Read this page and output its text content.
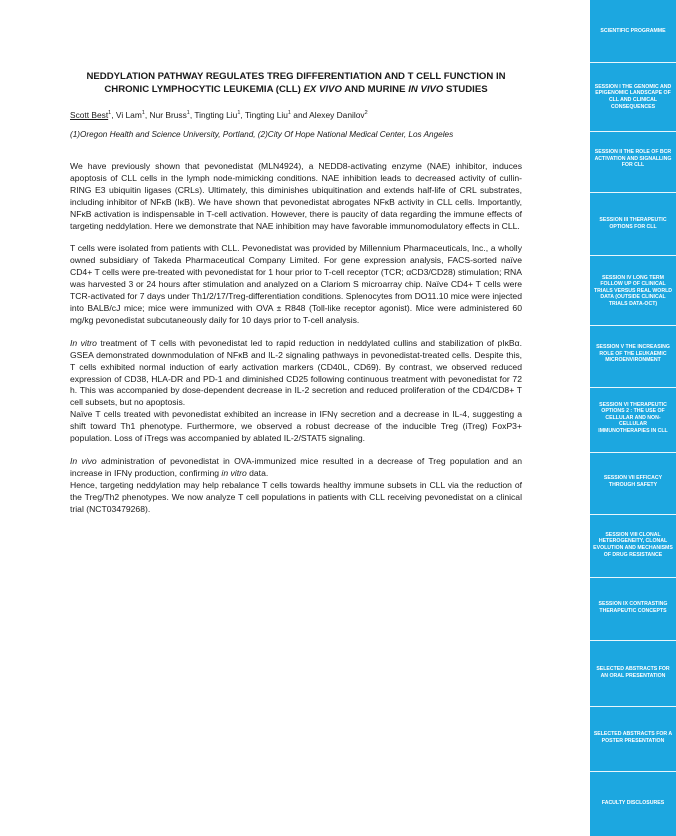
NEDDYLATION PATHWAY REGULATES TREG DIFFERENTIATION AND T CELL FUNCTION IN CHRONIC LYMPHOCYTIC LEUKEMIA (CLL) EX VIVO AND MURINE IN VIVO STUDIES
Scott Best$^1$, Vi Lam$^1$, Nur Bruss$^1$, Tingting Liu$^1$, Tingting Liu$^1$ and Alexey Danilov$^2$
(1)Oregon Health and Science University, Portland, (2)City Of Hope National Medical Center, Los Angeles
We have previously shown that pevonedistat (MLN4924), a NEDD8-activating enzyme (NAE) inhibitor, induces apoptosis of CLL cells in the lymph node-mimicking conditions. NAE inhibition leads to decreased activity of cullin-RING E3 ubiquitin ligases (CRLs). Ultimately, this diminishes ubiquitination and extends half-life of CRL substrates, including inhibitor of NFκB (IκB). We have shown that pevonedistat abrogates NFκB activity in CLL cells. Importantly, NFκB activation is indispensable in T-cell activation. However, there is paucity of data regarding the immune effects of targeting neddylation. Here we demonstrate that NAE inhibition may have favorable immunomodulatory effects in CLL.
T cells were isolated from patients with CLL. Pevonedistat was provided by Millennium Pharmaceuticals, Inc., a wholly owned subsidiary of Takeda Pharmaceutical Company Limited. For gene expression analysis, FACS-sorted naïve CD4+ T cells were pre-treated with pevonedistat for 1 hour prior to T-cell receptor (TCR; αCD3/CD28) stimulation; RNA was harvested 3 or 24 hours after stimulation and analyzed on a Clariom S microarray chip. Naïve CD4+ T cells were TCR-activated for 7 days under Th1/2/17/Treg-differentiation conditions. Splenocytes from DO11.10 mice were injected into BALB/cJ mice; mice were immunized with OVA ± R848 (Toll-like receptor agonist). Mice were administered 60 mg/kg pevonedistat subcutaneously daily for 10 days prior to T-cell analysis.
In vitro treatment of T cells with pevonedistat led to rapid reduction in neddylated cullins and stabilization of pIκBα. GSEA demonstrated downmodulation of NFκB and IL-2 signaling pathways in pevonedistat-treated cells. Despite this, T cells exhibited normal induction of early activation markers (CD40L, CD69). By contrast, we observed reduced expression of CD38, HLA-DR and PD-1 and diminished CD25 following continuous treatment with pevonedistat for 72 h. This was accompanied by dose-dependent decrease in IL-2 secretion and reduced proliferation of the CD4/CD8+ T cell subsets, but no apoptosis.
Naïve T cells treated with pevonedistat exhibited an increase in IFNγ secretion and a decrease in IL-4, suggesting a shift toward Th1 phenotype. Furthermore, we observed a robust decrease of the inducible Treg (iTreg) FoxP3+ population. Loss of iTregs was accompanied by ablated IL-2/STAT5 signaling.
In vivo administration of pevonedistat in OVA-immunized mice resulted in a decrease of Treg population and an increase in IFNγ production, confirming in vitro data.
Hence, targeting neddylation may help rebalance T cells towards healthy immune subsets in CLL via the reduction of the Treg/Th2 phenotypes. We now analyze T cell populations in patients with CLL receiving pevonedistat on a clinical trial (NCT03479268).
SCIENTIFIC PROGRAMME
SESSION I THE GENOMIC AND EPIGENOMIC LANDSCAPE OF CLL AND CLINICAL CONSEQUENCES
SESSION II THE ROLE OF BCR ACTIVATION AND SIGNALLING FOR CLL
SESSION III THERAPEUTIC OPTIONS FOR CLL
SESSION IV LONG TERM FOLLOW UP OF CLINICAL TRIALS VERSUS REAL WORLD DATA (OUTSIDE CLINICAL TRIALS DATA-OCT)
SESSION V THE INCREASING ROLE OF THE LEUKAEMIC MICROENVIRONMENT
SESSION VI THERAPEUTIC OPTIONS 2 : THE USE OF CELLULAR AND NON-CELLULAR IMMUNOTHERAPIES IN CLL
SESSION VII EFFICACY THROUGH SAFETY
SESSION VIII CLONAL HETEROGENEITY, CLONAL EVOLUTION AND MECHANISMS OF DRUG RESISTANCE
SESSION IX CONTRASTING THERAPEUTIC CONCEPTS
SELECTED ABSTRACTS FOR AN ORAL PRESENTATION
SELECTED ABSTRACTS FOR A POSTER PRESENTATION
FACULTY DISCLOSURES
